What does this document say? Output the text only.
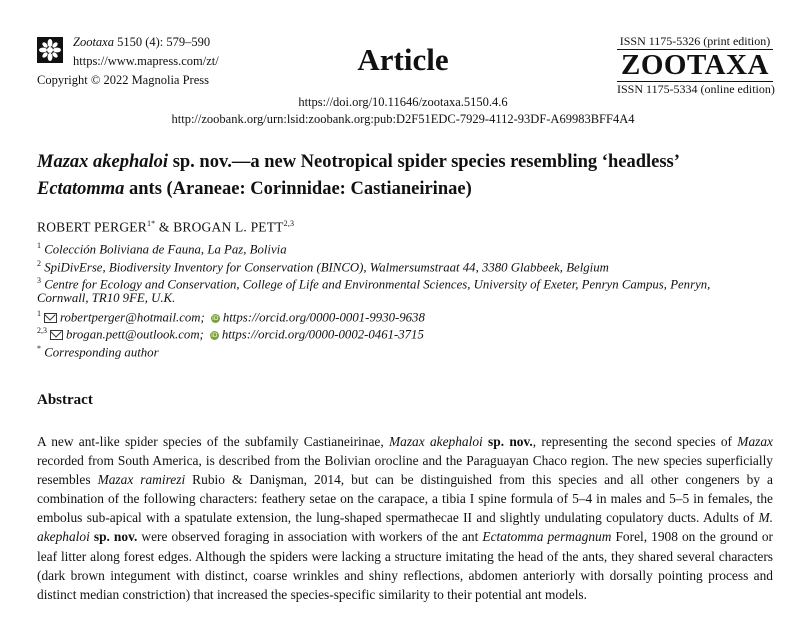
Zootaxa 5150 (4): 579–590
https://www.mapress.com/zt/
Copyright © 2022 Magnolia Press
Article
ISSN 1175-5326 (print edition)
ZOOTAXA
ISSN 1175-5334 (online edition)
https://doi.org/10.11646/zootaxa.5150.4.6
http://zoobank.org/urn:lsid:zoobank.org:pub:D2F51EDC-7929-4112-93DF-A69983BFF4A4
Mazax akephaloi sp. nov.—a new Neotropical spider species resembling ‘headless’
Ectatomma ants (Araneae: Corinnidae: Castianeirinae)
ROBERT $PERGER^{1*}$ & BROGAN L. PETT$^{2,3}$
$^1$ Colección Boliviana de Fauna, La Paz, Bolivia
$^2$ SpiDivErse, Biodiversity Inventory for Conservation (BINCO), Walmersumstraat 44, 3380 Glabbeek, Belgium
$^3$ Centre for Ecology and Conservation, College of Life and Environmental Sciences, University of Exeter, Penryn Campus, Penryn,
Cornwall, TR10 9FE, U.K.
$^1$ robertperger@hotmail.com; iD https://orcid.org/0000-0001-9930-9638
$^{2,3}$ brogan.pett@outlook.com; iD https://orcid.org/0000-0002-0461-3715
* Corresponding author
Abstract
A new ant-like spider species of the subfamily Castianeirinae, Mazax akephaloi sp. nov., representing the second species of Mazax recorded from South America, is described from the Bolivian orocline and the Paraguayan Chaco region. The new species superficially resembles Mazax ramirezi Rubio & Danişman, 2014, but can be distinguished from this species and all other congeners by a combination of the following characters: feathery setae on the carapace, a tibia I spine formula of 5–4 in males and 5–5 in females, the embolus sub-apical with a spatulate extension, the lung-shaped spermathecae II and slightly undulating copulatory ducts. Adults of M. akephaloi sp. nov. were observed foraging in association with workers of the ant Ectatomma permagnum Forel, 1908 on the ground or leaf litter along forest edges. Although the spiders were lacking a structure imitating the head of the ants, they shared several characters (dark brown integument with distinct, coarse wrinkles and shiny reflections, abdomen anteriorly with dorsally pointing process and distinct median constriction) that increased the species-specific similarity to their potential ant models.
